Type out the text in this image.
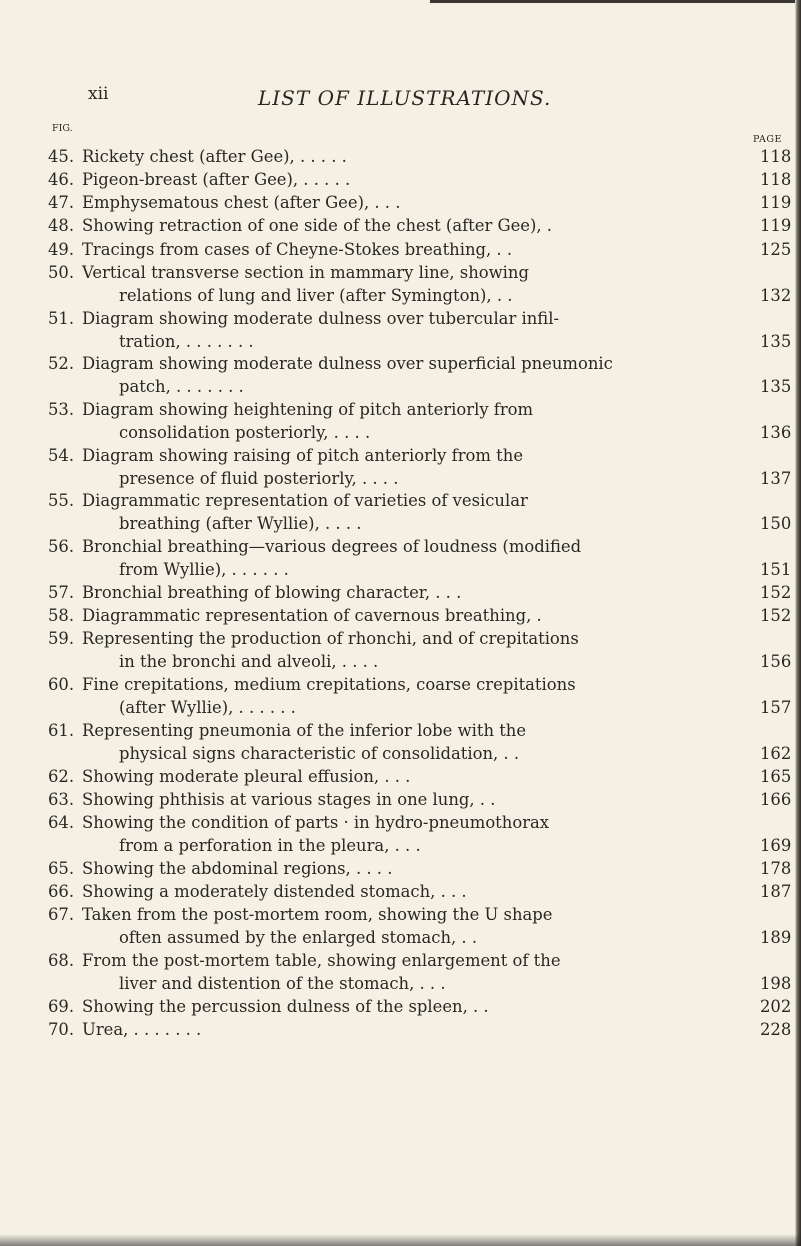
xii	LIST OF ILLUSTRATIONS.
FIG.
PAGE
45. Rickety chest (after Gee), . . . . .	118
46. Pigeon-breast (after Gee), . . . . .	118
47. Emphysematous chest (after Gee), . . .	119
48. Showing retraction of one side of the chest (after Gee), .	119
49. Tracings from cases of Cheyne-Stokes breathing, . .	125
50. Vertical transverse section in mammary line, showing
relations of lung and liver (after Symington), . .	132
51. Diagram showing moderate dulness over tubercular infil-
tration, . . . . . . .	135
52. Diagram showing moderate dulness over superficial pneumonic
patch, . . . . . . .	135
53. Diagram showing heightening of pitch anteriorly from
consolidation posteriorly, . . . .	136
54. Diagram showing raising of pitch anteriorly from the
presence of fluid posteriorly, . . . .	137
55. Diagrammatic representation of varieties of vesicular
breathing (after Wyllie), . . . .	150
56. Bronchial breathing—various degrees of loudness (modified
from Wyllie), . . . . . .	151
57. Bronchial breathing of blowing character, . . .	152
58. Diagrammatic representation of cavernous breathing, .	152
59. Representing the production of rhonchi, and of crepitations
in the bronchi and alveoli, . . . .	156
60. Fine crepitations, medium crepitations, coarse crepitations
(after Wyllie), . . . . . .	157
61. Representing pneumonia of the inferior lobe with the
physical signs characteristic of consolidation, . .	162
62. Showing moderate pleural effusion, . . .	165
63. Showing phthisis at various stages in one lung, . .	166
64. Showing the condition of parts · in hydro-pneumothorax
from a perforation in the pleura, . . .	169
65. Showing the abdominal regions, . . . .	178
66. Showing a moderately distended stomach, . . .	187
67. Taken from the post-mortem room, showing the U shape
often assumed by the enlarged stomach, . .	189
68. From the post-mortem table, showing enlargement of the
liver and distention of the stomach, . . .	198
69. Showing the percussion dulness of the spleen, . .	202
70. Urea, . . . . . . .	228
